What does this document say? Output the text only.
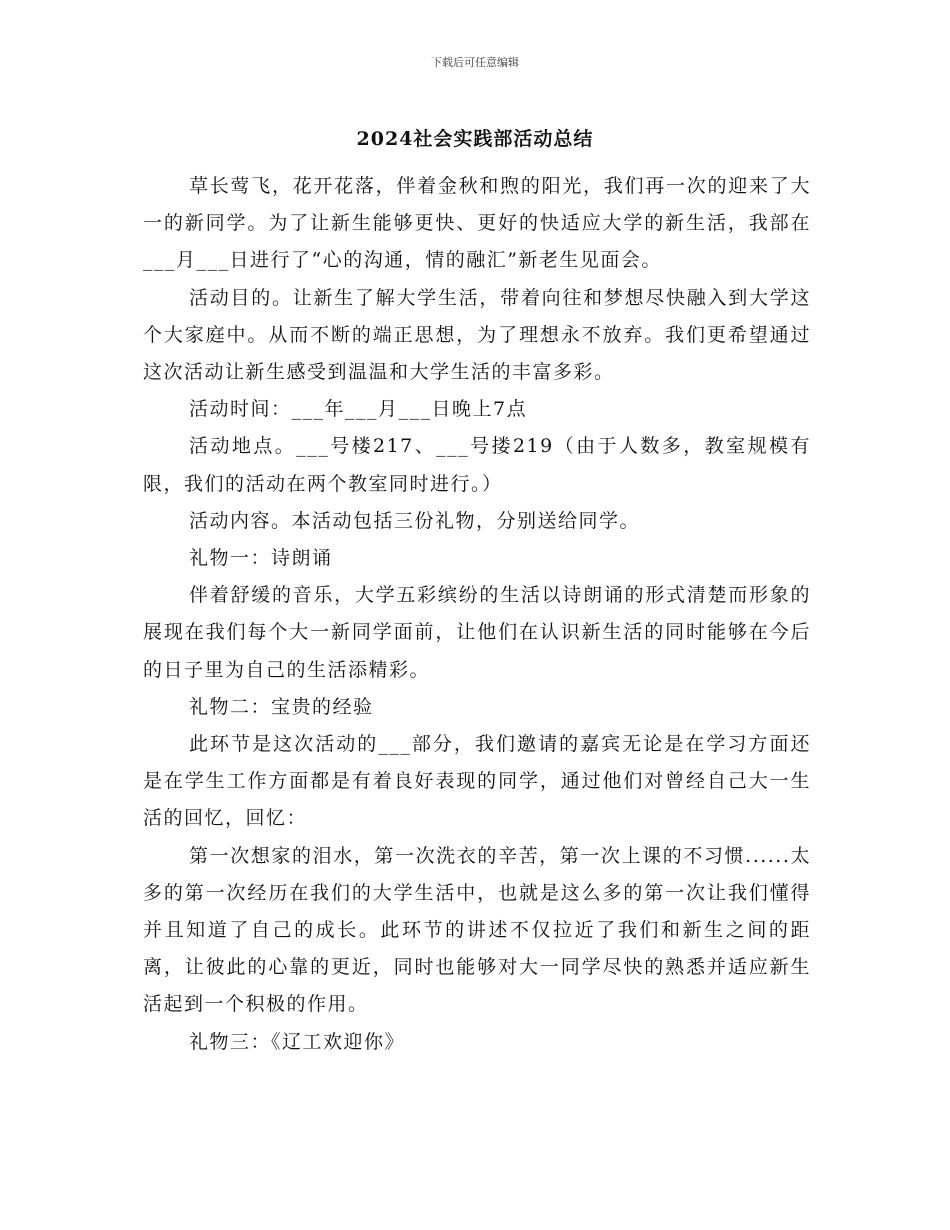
下载后可任意编辑
2024社会实践部活动总结

草长莺飞，花开花落，伴着金秋和煦的阳光，我们再一次的迎来了大一的新同学。为了让新生能够更快、更好的快适应大学的新生活，我部在___月___日进行了“心的沟通，情的融汇”新老生见面会。

活动目的。让新生了解大学生活，带着向往和梦想尽快融入到大学这个大家庭中。从而不断的端正思想，为了理想永不放弃。我们更希望通过这次活动让新生感受到温温和大学生活的丰富多彩。

活动时间：___年___月___日晚上7点

活动地点。___号楼217、___号搂219（由于人数多，教室规模有限，我们的活动在两个教室同时进行。）

活动内容。本活动包括三份礼物，分别送给同学。

礼物一：诗朗诵

伴着舒缓的音乐，大学五彩缤纷的生活以诗朗诵的形式清楚而形象的展现在我们每个大一新同学面前，让他们在认识新生活的同时能够在今后的日子里为自己的生活添精彩。

礼物二：宝贵的经验

此环节是这次活动的___部分，我们邀请的嘉宾无论是在学习方面还是在学生工作方面都是有着良好表现的同学，通过他们对曾经自己大一生活的回忆，回忆：

第一次想家的泪水，第一次洗衣的辛苦，第一次上课的不习惯......太多的第一次经历在我们的大学生活中，也就是这么多的第一次让我们懂得并且知道了自己的成长。此环节的讲述不仅拉近了我们和新生之间的距离，让彼此的心靠的更近，同时也能够对大一同学尽快的熟悉并适应新生活起到一个积极的作用。

礼物三：《辽工欢迎你》
